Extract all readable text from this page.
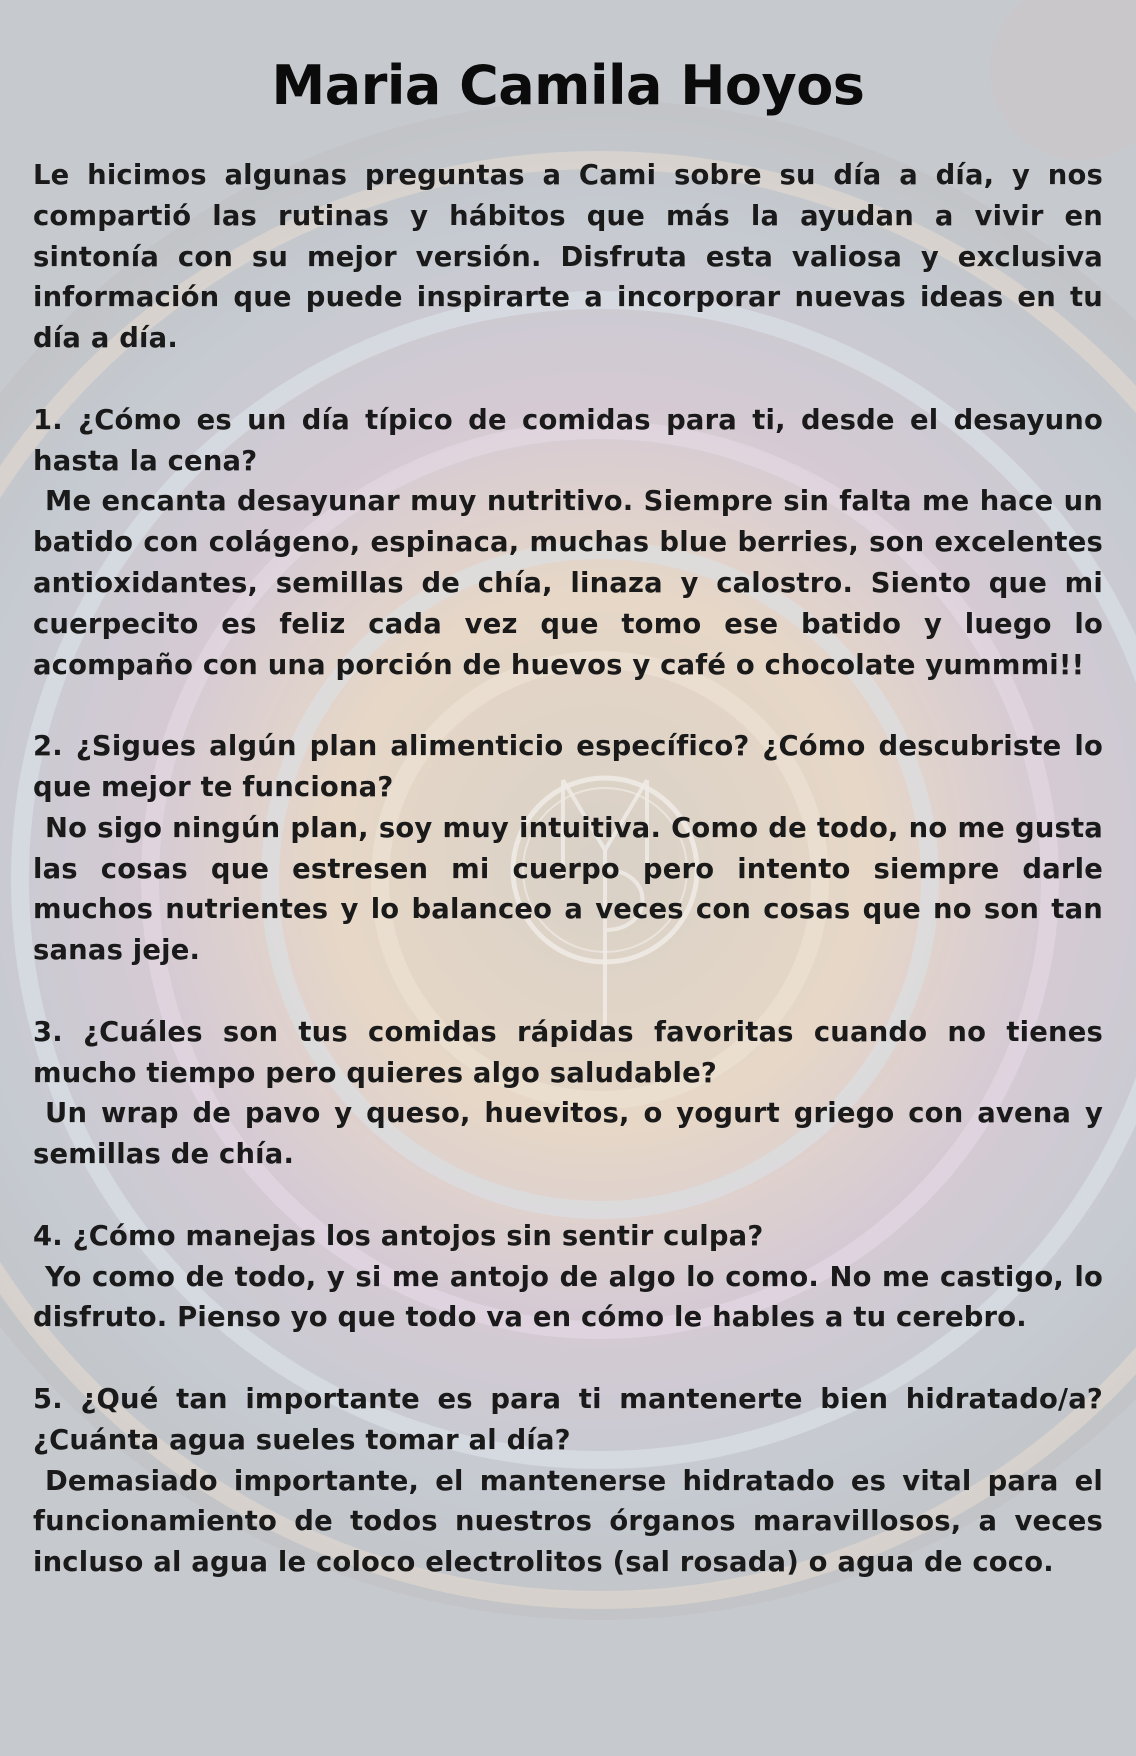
Maria Camila Hoyos

Le hicimos algunas preguntas a Cami sobre su día a día, y nos compartió las rutinas y hábitos que más la ayudan a vivir en sintonía con su mejor versión. Disfruta esta valiosa y exclusiva información que puede inspirarte a incorporar nuevas ideas en tu día a día.

1. ¿Cómo es un día típico de comidas para ti, desde el desayuno hasta la cena?

Me encanta desayunar muy nutritivo. Siempre sin falta me hace un batido con colágeno, espinaca, muchas blue berries, son excelentes antioxidantes, semillas de chía, linaza y calostro. Siento que mi cuerpecito es feliz cada vez que tomo ese batido y luego lo acompaño con una porción de huevos y café o chocolate yummmi!!

2. ¿Sigues algún plan alimenticio específico? ¿Cómo descubriste lo que mejor te funciona?

No sigo ningún plan, soy muy intuitiva. Como de todo, no me gusta las cosas que estresen mi cuerpo pero intento siempre darle muchos nutrientes y lo balanceo a veces con cosas que no son tan sanas jeje.

3. ¿Cuáles son tus comidas rápidas favoritas cuando no tienes mucho tiempo pero quieres algo saludable?

Un wrap de pavo y queso, huevitos, o yogurt griego con avena y semillas de chía.

4. ¿Cómo manejas los antojos sin sentir culpa?

Yo como de todo, y si me antojo de algo lo como. No me castigo, lo disfruto. Pienso yo que todo va en cómo le hables a tu cerebro.

5. ¿Qué tan importante es para ti mantenerte bien hidratado/a? ¿Cuánta agua sueles tomar al día?

Demasiado importante, el mantenerse hidratado es vital para el funcionamiento de todos nuestros órganos maravillosos, a veces incluso al agua le coloco electrolitos (sal rosada) o agua de coco.
